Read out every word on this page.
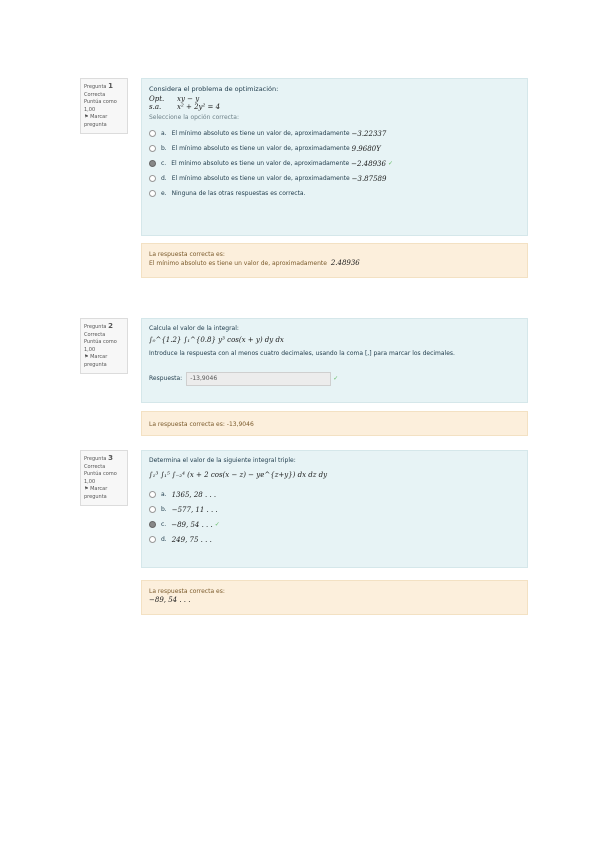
Pregunta 1
Correcta
Puntúa como 1,00
⚑ Marcar pregunta
Considera el problema de optimización:
Opt.	xy − y
s.a.	x² + 2y² = 4
Seleccione la opción correcta:
a. El mínimo absoluto es tiene un valor de, aproximadamente
−3.22337
b. El mínimo absoluto es tiene un valor de, aproximadamente
9.9680Y
c. El mínimo absoluto es tiene un valor de, aproximadamente
−2.48936 ✓
d. El mínimo absoluto es tiene un valor de, aproximadamente
−3.87589
e. Ninguna de las otras respuestas es correcta.
La respuesta correcta es:
El mínimo absoluto es tiene un valor de, aproximadamente 2.48936
Pregunta 2
Correcta
Puntúa como 1,00
⚑ Marcar pregunta
Calcula el valor de la integral:
∫₀^{1.2} ∫₁^{0.8} y³ cos(x + y) dy dx
Introduce la respuesta con al menos cuatro decimales, usando la coma [,] para marcar los decimales.
Respuesta:	-13,9046	✓
La respuesta correcta es: -13,9046
Pregunta 3
Correcta
Puntúa como 1,00
⚑ Marcar pregunta
Determina el valor de la siguiente integral triple:
∫₁³ ∫₁⁵ ∫₋₂⁴ (x + 2 cos(x − z) − ye^{z+y}) dx dz dy
a. 1365, 28 . . .
b. −577, 11 . . .
c. −89, 54 . . . ✓
d. 249, 75 . . .
La respuesta correcta es:
−89, 54 . . .
